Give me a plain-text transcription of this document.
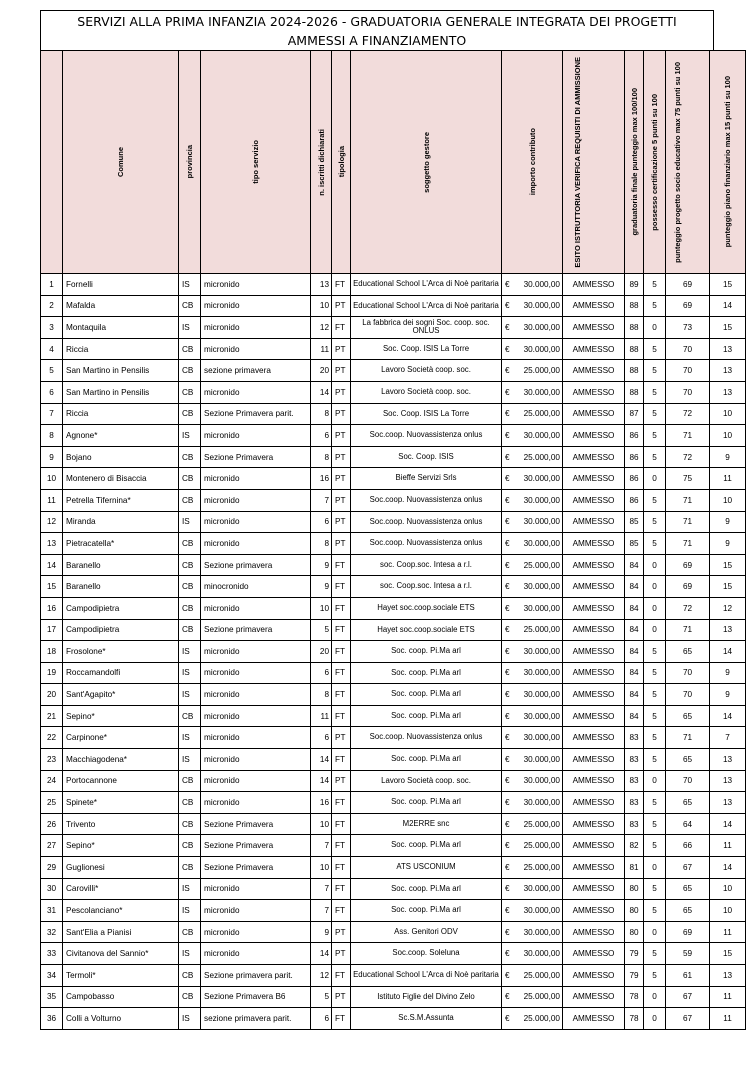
SERVIZI ALLA PRIMA INFANZIA 2024-2026 - GRADUATORIA GENERALE INTEGRATA DEI PROGETTI
AMMESSI A FINANZIAMENTO

	Comune	provincia	tipo servizio	n. iscritti dichiarati	tipologia	soggetto gestore	importo contributo	ESITO ISTRUTTORIA VERIFICA REQUISITI DI AMMISSIONE	graduatoria finale punteggio max 100/100	possesso certificazione 5 punti su 100	punteggio progetto socio educativo max 75 punti su 100	punteggio piano finanziario max 15 punti su 100

1	Fornelli	IS	micronido	13	FT	Educational School L'Arca di Noè paritaria	€ 30.000,00	AMMESSO	89	5	69	15
2	Mafalda	CB	micronido	10	PT	Educational School L'Arca di Noè paritaria	€ 30.000,00	AMMESSO	88	5	69	14
3	Montaquila	IS	micronido	12	FT	La fabbrica dei sogni Soc. coop. soc. ONLUS	€ 30.000,00	AMMESSO	88	0	73	15
4	Riccia	CB	micronido	11	PT	Soc. Coop. ISIS La Torre	€ 30.000,00	AMMESSO	88	5	70	13
5	San Martino in Pensilis	CB	sezione primavera	20	PT	Lavoro Società coop. soc.	€ 25.000,00	AMMESSO	88	5	70	13
6	San Martino in Pensilis	CB	micronido	14	PT	Lavoro Società coop. soc.	€ 30.000,00	AMMESSO	88	5	70	13
7	Riccia	CB	Sezione Primavera parit.	8	PT	Soc. Coop. ISIS La Torre	€ 25.000,00	AMMESSO	87	5	72	10
8	Agnone*	IS	micronido	6	PT	Soc.coop. Nuovassistenza onlus	€ 30.000,00	AMMESSO	86	5	71	10
9	Bojano	CB	Sezione Primavera	8	PT	Soc. Coop. ISIS	€ 25.000,00	AMMESSO	86	5	72	9
10	Montenero di Bisaccia	CB	micronido	16	PT	Bieffe Servizi Srls	€ 30.000,00	AMMESSO	86	0	75	11
11	Petrella Tifernina*	CB	micronido	7	PT	Soc.coop. Nuovassistenza onlus	€ 30.000,00	AMMESSO	86	5	71	10
12	Miranda	IS	micronido	6	PT	Soc.coop. Nuovassistenza onlus	€ 30.000,00	AMMESSO	85	5	71	9
13	Pietracatella*	CB	micronido	8	PT	Soc.coop. Nuovassistenza onlus	€ 30.000,00	AMMESSO	85	5	71	9
14	Baranello	CB	Sezione primavera	9	FT	soc. Coop.soc. Intesa a r.l.	€ 25.000,00	AMMESSO	84	0	69	15
15	Baranello	CB	minocronido	9	FT	soc. Coop.soc. Intesa a r.l.	€ 30.000,00	AMMESSO	84	0	69	15
16	Campodipietra	CB	micronido	10	FT	Hayet soc.coop.sociale ETS	€ 30.000,00	AMMESSO	84	0	72	12
17	Campodipietra	CB	Sezione primavera	5	FT	Hayet soc.coop.sociale ETS	€ 25.000,00	AMMESSO	84	0	71	13
18	Frosolone*	IS	micronido	20	FT	Soc. coop. Pi.Ma arl	€ 30.000,00	AMMESSO	84	5	65	14
19	Roccamandolfi	IS	micronido	6	FT	Soc. coop. Pi.Ma arl	€ 30.000,00	AMMESSO	84	5	70	9
20	Sant'Agapito*	IS	micronido	8	FT	Soc. coop. Pi.Ma arl	€ 30.000,00	AMMESSO	84	5	70	9
21	Sepino*	CB	micronido	11	FT	Soc. coop. Pi.Ma arl	€ 30.000,00	AMMESSO	84	5	65	14
22	Carpinone*	IS	micronido	6	PT	Soc.coop. Nuovassistenza onlus	€ 30.000,00	AMMESSO	83	5	71	7
23	Macchiagodena*	IS	micronido	14	FT	Soc. coop. Pi.Ma arl	€ 30.000,00	AMMESSO	83	5	65	13
24	Portocannone	CB	micronido	14	PT	Lavoro Società coop. soc.	€ 30.000,00	AMMESSO	83	0	70	13
25	Spinete*	CB	micronido	16	FT	Soc. coop. Pi.Ma arl	€ 30.000,00	AMMESSO	83	5	65	13
26	Trivento	CB	Sezione Primavera	10	FT	M2ERRE snc	€ 25.000,00	AMMESSO	83	5	64	14
27	Sepino*	CB	Sezione Primavera	7	FT	Soc. coop. Pi.Ma arl	€ 25.000,00	AMMESSO	82	5	66	11
29	Guglionesi	CB	Sezione Primavera	10	FT	ATS USCONIUM	€ 25.000,00	AMMESSO	81	0	67	14
30	Carovilli*	IS	micronido	7	FT	Soc. coop. Pi.Ma arl	€ 30.000,00	AMMESSO	80	5	65	10
31	Pescolanciano*	IS	micronido	7	FT	Soc. coop. Pi.Ma arl	€ 30.000,00	AMMESSO	80	5	65	10
32	Sant'Elia a Pianisi	CB	micronido	9	PT	Ass. Genitori ODV	€ 30.000,00	AMMESSO	80	0	69	11
33	Civitanova del Sannio*	IS	micronido	14	PT	Soc.coop. Soleluna	€ 30.000,00	AMMESSO	79	5	59	15
34	Termoli*	CB	Sezione primavera parit.	12	FT	Educational School L'Arca di Noè paritaria	€ 25.000,00	AMMESSO	79	5	61	13
35	Campobasso	CB	Sezione Primavera B6	5	PT	Istituto Figlie del Divino Zelo	€ 25.000,00	AMMESSO	78	0	67	11
36	Colli a Volturno	IS	sezione primavera parit.	6	FT	Sc.S.M.Assunta	€ 25.000,00	AMMESSO	78	0	67	11
